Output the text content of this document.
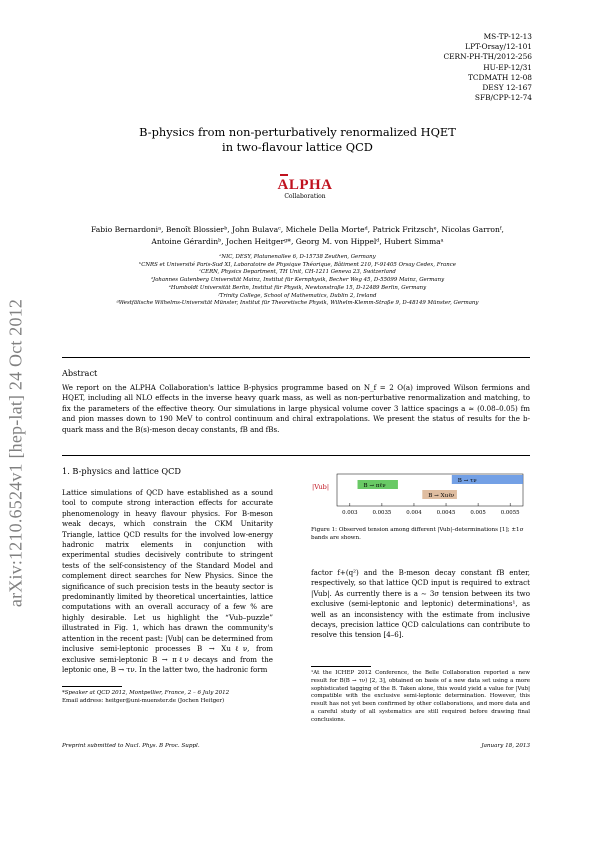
arXiv:1210.6524v1 [hep-lat] 24 Oct 2012
MS-TP-12-13
LPT-Orsay/12-101
CERN-PH-TH/2012-256
HU-EP-12/31
TCDMATH 12-08
DESY 12-167
SFB/CPP-12-74
B-physics from non-perturbatively renormalized HQET
in two-flavour lattice QCD
ALPHA
Collaboration
Fabio Bernardoniᵃ, Benoît Blossierᵇ, John Bulavaᶜ, Michele Della Morteᵈ, Patrick Fritzschᵉ, Nicolas Garronᶠ,
Antoine Gérardinᵇ, Jochen Heitgerᵍ*, Georg M. von Hippelᵈ, Hubert Simmaᵃ
ᵃNIC, DESY, Platanenallee 6, D-15738 Zeuthen, Germany
ᵇCNRS et Université Paris-Sud XI, Laboratoire de Physique Théorique, Bâtiment 210, F-91405 Orsay Cedex, France
ᶜCERN, Physics Department, TH Unit, CH-1211 Geneva 23, Switzerland
ᵈJohannes Gutenberg Universität Mainz, Institut für Kernphysik, Becher Weg 45, D-55099 Mainz, Germany
ᵉHumboldt Universität Berlin, Institut für Physik, Newtonstraße 15, D-12489 Berlin, Germany
ᶠTrinity College, School of Mathematics, Dublin 2, Ireland
ᵍWestfälische Wilhelms-Universität Münster, Institut für Theoretische Physik, Wilhelm-Klemm-Straße 9, D-48149 Münster, Germany
Abstract
We report on the ALPHA Collaboration's lattice B-physics programme based on N_f = 2 O(a) improved Wilson fermions and HQET, including all NLO effects in the inverse heavy quark mass, as well as non-perturbative renormalization and matching, to fix the parameters of the effective theory. Our simulations in large physical volume cover 3 lattice spacings a ≈ (0.08–0.05) fm and pion masses down to 190 MeV to control continuum and chiral extrapolations. We present the status of results for the b-quark mass and the B(s)-meson decay constants, fB and fBs.
1. B-physics and lattice QCD
Lattice simulations of QCD have established as a sound tool to compute strong interaction effects for accurate phenomenology in heavy flavour physics. For B-meson weak decays, which constrain the CKM Unitarity Triangle, lattice QCD results for the involved low-energy hadronic matrix elements in conjunction with experimental studies decisively contribute to stringent tests of the self-consistency of the Standard Model and complement direct searches for New Physics. Since the significance of such precision tests in the beauty sector is predominantly limited by theoretical uncertainties, lattice computations with an overall accuracy of a few % are highly desirable. Let us highlight the “Vub–puzzle” illustrated in Fig. 1, which has drawn the community's attention in the recent past: |Vub| can be determined from inclusive semi-leptonic processes B → Xuℓν, from exclusive semi-leptonic B → πℓν decays and from the leptonic one, B → τν. In the latter two, the hadronic form
|Vub|	B → πℓν
B → Xuℓν
B → τν
0.003	0.0035	0.004	0.0045	0.005	0.0055
Figure 1: Observed tension among different |Vub|–determinations [1]; ±1σ bands are shown.
factor f+(q²) and the B-meson decay constant fB enter, respectively, so that lattice QCD input is required to extract |Vub|. As currently there is a ∼ 3σ tension between its two exclusive (semi-leptonic and leptonic) determinations¹, as well as an inconsistency with the estimate from inclusive decays, precision lattice QCD calculations can contribute to resolve this tension [4–6].
¹At the ICHEP 2012 Conference, the Belle Collaboration reported a new result for B(B → τν) [2, 3], obtained on basis of a new data set using a more sophisticated tagging of the B. Taken alone, this would yield a value for |Vub| compatible with the exclusive semi-leptonic determination. However, this result has not yet been confirmed by other collaborations, and more data and a careful study of all systematics are still required before drawing final conclusions.
*Speaker at QCD 2012, Montpellier, France, 2 – 6 July 2012
Email address: heitger@uni-muenster.de (Jochen Heitger)
Preprint submitted to Nucl. Phys. B Proc. Suppl.	January 18, 2013
